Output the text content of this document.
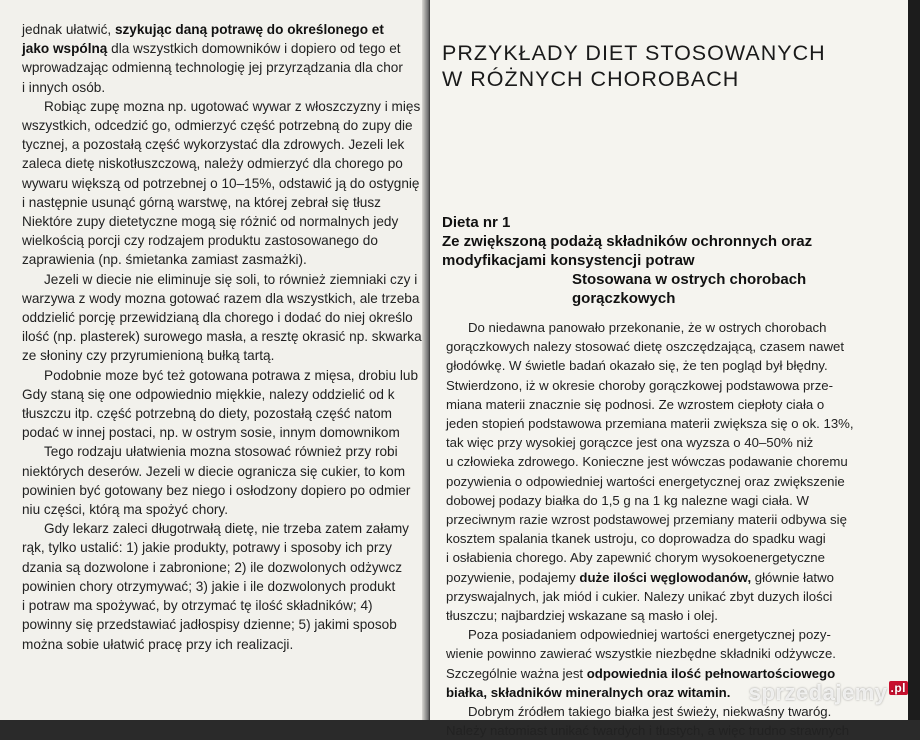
jednak ułatwić, szykując daną potrawę do określonego et

jako wspólną dla wszystkich domowników i dopiero od tego et

wprowadzając odmienną technologię jej przyrządzania dla chor

i innych osób.

Robiąc zupę mozna np. ugotować wywar z włoszczyzny i mięs

wszystkich, odcedzić go, odmierzyć część potrzebną do zupy die

tycznej, a pozostałą część wykorzystać dla zdrowych. Jezeli lek

zaleca dietę niskotłuszczową, należy odmierzyć dla chorego po

wywaru większą od potrzebnej o 10–15%, odstawić ją do ostygnię

i następnie usunąć górną warstwę, na której zebrał się tłusz

Niektóre zupy dietetyczne mogą się różnić od normalnych jedy

wielkością porcji czy rodzajem produktu zastosowanego do

zaprawienia (np. śmietanka zamiast zasmażki).

Jezeli w diecie nie eliminuje się soli, to również ziemniaki czy i

warzywa z wody mozna gotować razem dla wszystkich, ale trzeba

oddzielić porcję przewidzianą dla chorego i dodać do niej określo

ilość (np. plasterek) surowego masła, a resztę okrasić np. skwarka

ze słoniny czy przyrumienioną bułką tartą.

Podobnie moze być też gotowana potrawa z mięsa, drobiu lub

Gdy staną się one odpowiednio miękkie, nalezy oddzielić od k

tłuszczu itp. część potrzebną do diety, pozostałą część natom

podać w innej postaci, np. w ostrym sosie, innym domownikom

Tego rodzaju ułatwienia mozna stosować również przy robi

niektórych deserów. Jezeli w diecie ogranicza się cukier, to kom

powinien być gotowany bez niego i osłodzony dopiero po odmier

niu części, którą ma spożyć chory.

Gdy lekarz zaleci długotrwałą dietę, nie trzeba zatem załamy

rąk, tylko ustalić: 1) jakie produkty, potrawy i sposoby ich przy

dzania są dozwolone i zabronione; 2) ile dozwolonych odżywcz

powinien chory otrzymywać; 3) jakie i ile dozwolonych produkt

i potraw ma spożywać, by otrzymać tę ilość składników; 4)

powinny się przedstawiać jadłospisy dzienne; 5) jakimi sposob

można sobie ułatwić pracę przy ich realizacji.

PRZYKŁADY DIET STOSOWANYCH
W RÓŻNYCH CHOROBACH
Dieta nr 1
Ze zwiększoną podażą składników ochronnych oraz
modyfikacjami konsystencji potraw
Stosowana w ostrych chorobach
gorączkowych

Do niedawna panowało przekonanie, że w ostrych chorobach

gorączkowych nalezy stosować dietę oszczędzającą, czasem nawet

głodówkę. W świetle badań okazało się, że ten pogląd był błędny.

Stwierdzono, iż w okresie choroby gorączkowej podstawowa prze-

miana materii znacznie się podnosi. Ze wzrostem ciepłoty ciała o

jeden stopień podstawowa przemiana materii zwiększa się o ok. 13%,

tak więc przy wysokiej gorączce jest ona wyzsza o 40–50% niż

u człowieka zdrowego. Konieczne jest wówczas podawanie choremu

pozywienia o odpowiedniej wartości energetycznej oraz zwiększenie

dobowej podazy białka do 1,5 g na 1 kg nalezne wagi ciała. W

przeciwnym razie wzrost podstawowej przemiany materii odbywa się

kosztem spalania tkanek ustroju, co doprowadza do spadku wagi

i osłabienia chorego. Aby zapewnić chorym wysokoenergetyczne

pozywienie, podajemy duże ilości węglowodanów, głównie łatwo

przyswajalnych, jak miód i cukier. Nalezy unikać zbyt duzych ilości

tłuszczu; najbardziej wskazane są masło i olej.

Poza posiadaniem odpowiedniej wartości energetycznej pozy-

wienie powinno zawierać wszystkie niezbędne składniki odżywcze.

Szczególnie ważna jest odpowiednia ilość pełnowartościowego

białka, składników mineralnych oraz witamin.

Dobrym źródłem takiego białka jest świeży, niekwaśny twaróg.

Należy natomiast unikać twardych i tłustych, a więc trudno strawnych

sprzedajemy $^{.pl}$
